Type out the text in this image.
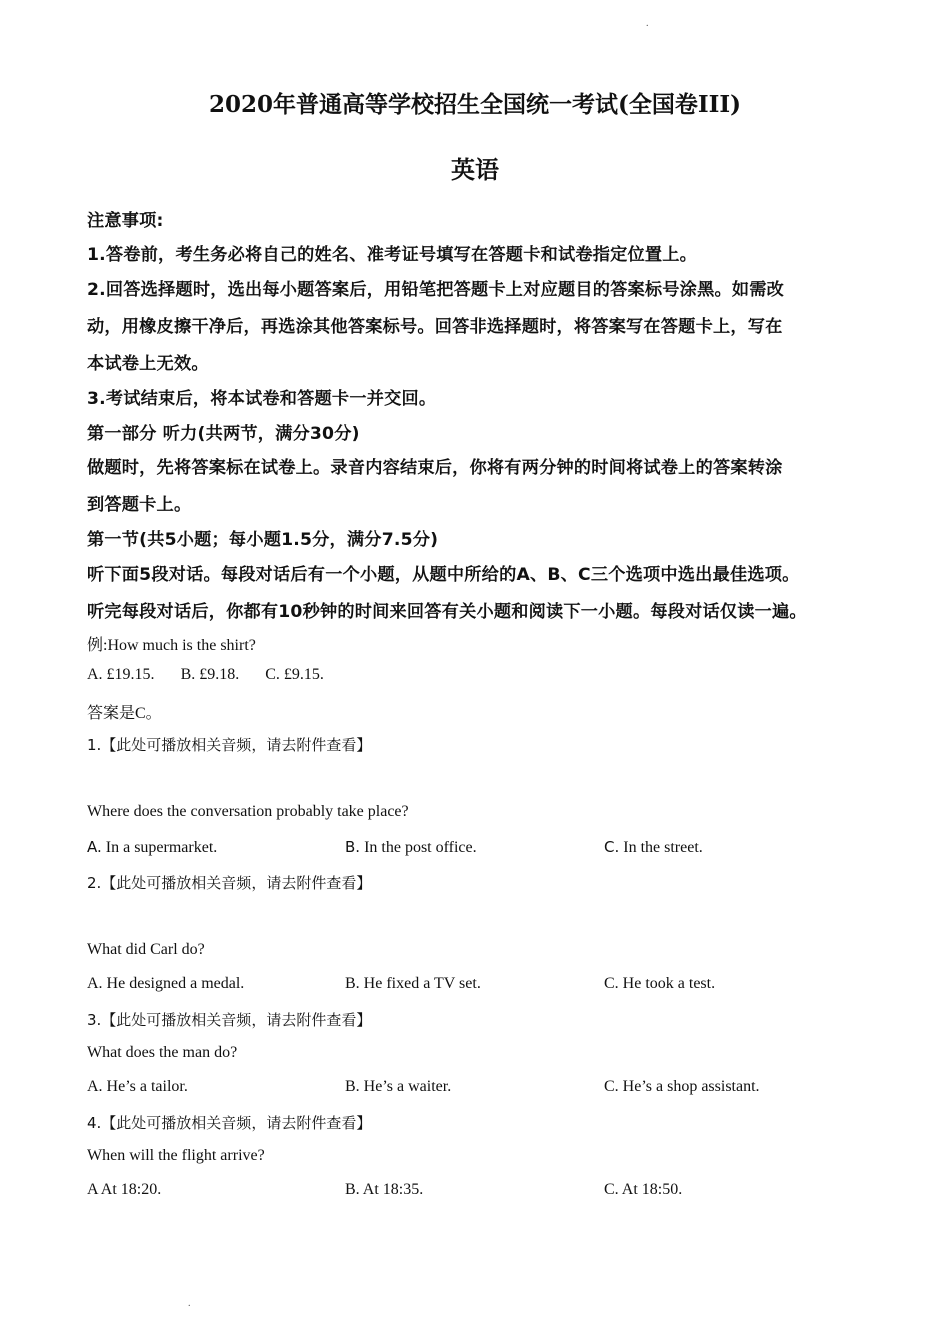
.
2020年普通高等学校招生全国统一考试(全国卷III)
英语
注意事项:
1.答卷前，考生务必将自己的姓名、准考证号填写在答题卡和试卷指定位置上。
2.回答选择题时，选出每小题答案后，用铅笔把答题卡上对应题目的答案标号涂黑。如需改
动，用橡皮擦干净后，再选涂其他答案标号。回答非选择题时，将答案写在答题卡上，写在
本试卷上无效。
3.考试结束后，将本试卷和答题卡一并交回。
第一部分 听力(共两节，满分30分)
做题时，先将答案标在试卷上。录音内容结束后，你将有两分钟的时间将试卷上的答案转涂
到答题卡上。
第一节(共5小题；每小题1.5分，满分7.5分)
听下面5段对话。每段对话后有一个小题，从题中所给的A、B、C三个选项中选出最佳选项。
听完每段对话后，你都有10秒钟的时间来回答有关小题和阅读下一小题。每段对话仅读一遍。
例:How much is the shirt?
A. £19.15. B. £9.18. C. £9.15.
答案是C。
1.【此处可播放相关音频，请去附件查看】
Where does the conversation probably take place?
A. In a supermarket.	B. In the post office.	C. In the street.
2.【此处可播放相关音频，请去附件查看】
What did Carl do?
A. He designed a medal.	B. He fixed a TV set.	C. He took a test.
3.【此处可播放相关音频，请去附件查看】
What does the man do?
A. He’s a tailor.	B. He’s a waiter.	C. He’s a shop assistant.
4.【此处可播放相关音频，请去附件查看】
When will the flight arrive?
A At 18:20.	B. At 18:35.	C. At 18:50.
.
